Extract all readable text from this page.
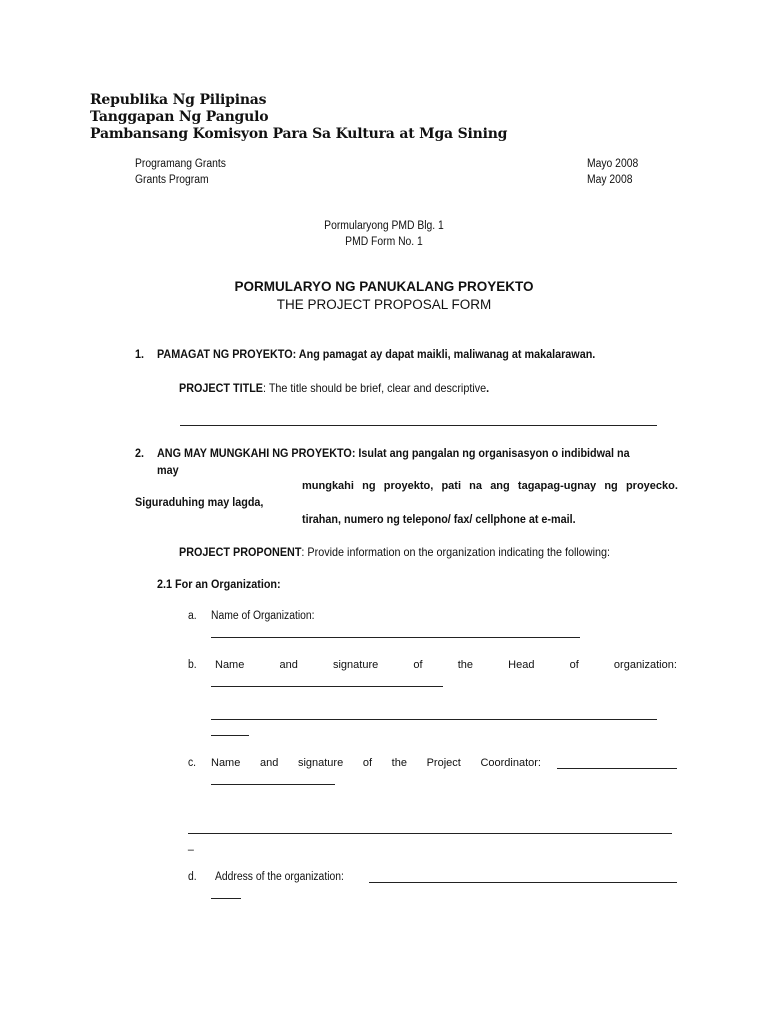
Republika Ng Pilipinas
Tanggapan Ng Pangulo
Pambansang Komisyon Para Sa Kultura at Mga Sining
Programang Grants
Grants Program
Mayo 2008
May 2008
Pormularyong PMD Blg. 1
PMD Form No. 1
PORMULARYO NG PANUKALANG PROYEKTO
THE PROJECT PROPOSAL FORM
1. PAMAGAT NG PROYEKTO: Ang pamagat ay dapat maikli, maliwanag at makalarawan.
PROJECT TITLE: The title should be brief, clear and descriptive.
2. ANG MAY MUNGKAHI NG PROYEKTO: Isulat ang pangalan ng organisasyon o indibidwal na
may
mungkahi ng proyekto, pati na ang tagapag-ugnay ng proyecko.
Siguraduhing may lagda,
tirahan, numero ng telepono/ fax/ cellphone at e-mail.
PROJECT PROPONENT: Provide information on the organization indicating the following:
2.1 For an Organization:
a. Name of Organization:
b. Name	and	signature	of	the	Head	of	organization:
c. Name and signature of the Project Coordinator:
_
d. Address of the organization:
